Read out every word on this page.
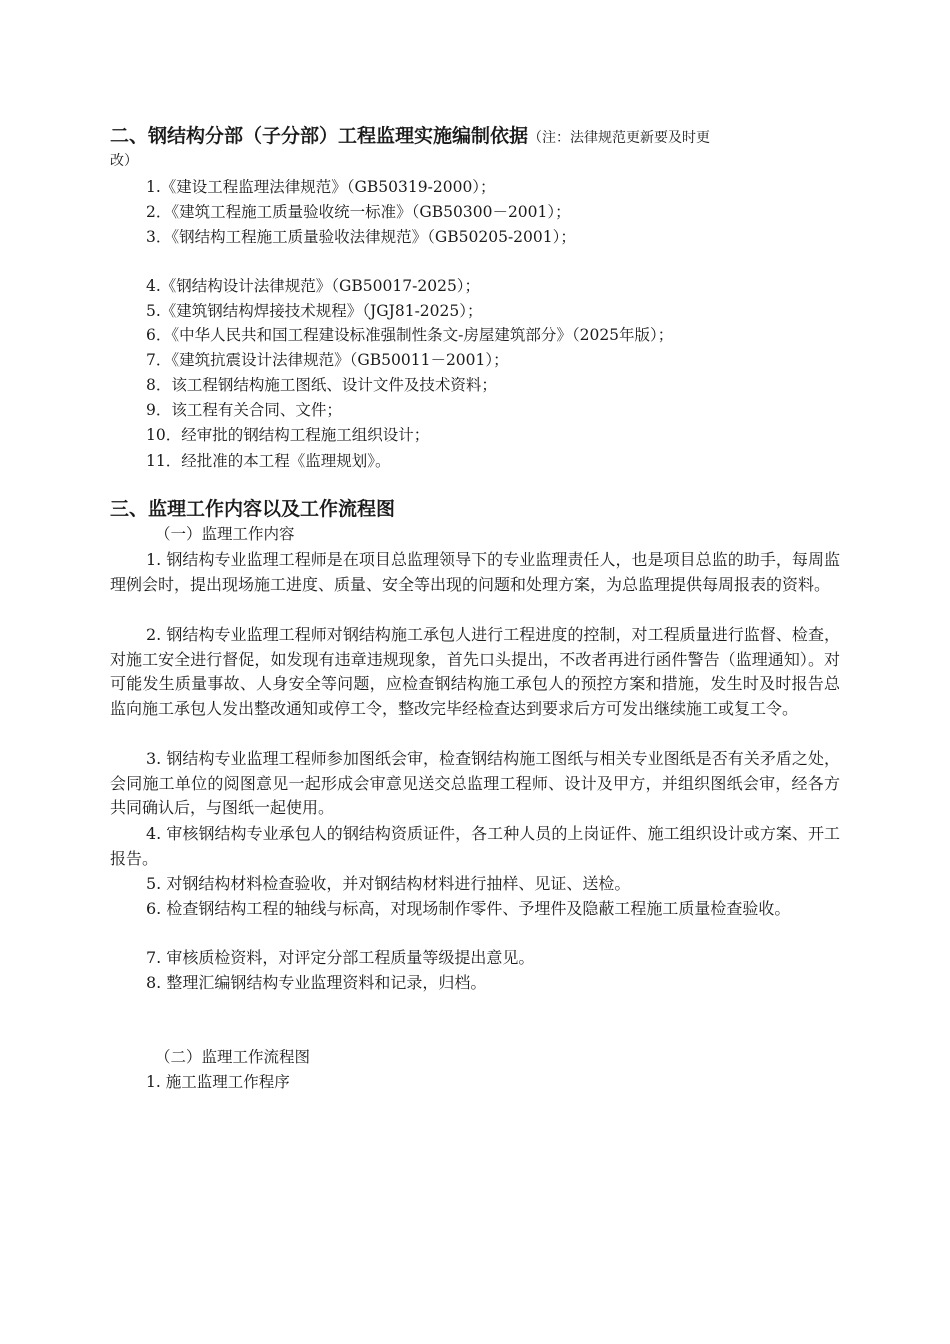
二、钢结构分部（子分部）工程监理实施编制依据（注：法律规范更新要及时更
改）
1.《建设工程监理法律规范》（GB50319-2000）；
2．《建筑工程施工质量验收统一标准》（GB50300－2001）；
3．《钢结构工程施工质量验收法律规范》（GB50205-2001）；
4.《钢结构设计法律规范》（GB50017-2025）；
5.《建筑钢结构焊接技术规程》（JGJ81-2025）；
6．《中华人民共和国工程建设标准强制性条文-房屋建筑部分》（2025年版）；
7．《建筑抗震设计法律规范》（GB50011－2001）；
8．该工程钢结构施工图纸、设计文件及技术资料；
9．该工程有关合同、文件；
10．经审批的钢结构工程施工组织设计；
11．经批准的本工程《监理规划》。
三、监理工作内容以及工作流程图
（一）监理工作内容

1. 钢结构专业监理工程师是在项目总监理领导下的专业监理责任人，也是项目总监的助手，每周监理例会时，提出现场施工进度、质量、安全等出现的问题和处理方案，为总监理提供每周报表的资料。

2. 钢结构专业监理工程师对钢结构施工承包人进行工程进度的控制，对工程质量进行监督、检查，对施工安全进行督促，如发现有违章违规现象，首先口头提出，不改者再进行函件警告（监理通知）。对可能发生质量事故、人身安全等问题，应检查钢结构施工承包人的预控方案和措施，发生时及时报告总监向施工承包人发出整改通知或停工令，整改完毕经检查达到要求后方可发出继续施工或复工令。

3. 钢结构专业监理工程师参加图纸会审，检查钢结构施工图纸与相关专业图纸是否有关矛盾之处，会同施工单位的阅图意见一起形成会审意见送交总监理工程师、设计及甲方，并组织图纸会审，经各方共同确认后，与图纸一起使用。

4. 审核钢结构专业承包人的钢结构资质证件，各工种人员的上岗证件、施工组织设计或方案、开工报告。

5. 对钢结构材料检查验收，并对钢结构材料进行抽样、见证、送检。

6. 检查钢结构工程的轴线与标高，对现场制作零件、予埋件及隐蔽工程施工质量检查验收。

7. 审核质检资料，对评定分部工程质量等级提出意见。

8. 整理汇编钢结构专业监理资料和记录，归档。

（二）监理工作流程图
1. 施工监理工作程序
